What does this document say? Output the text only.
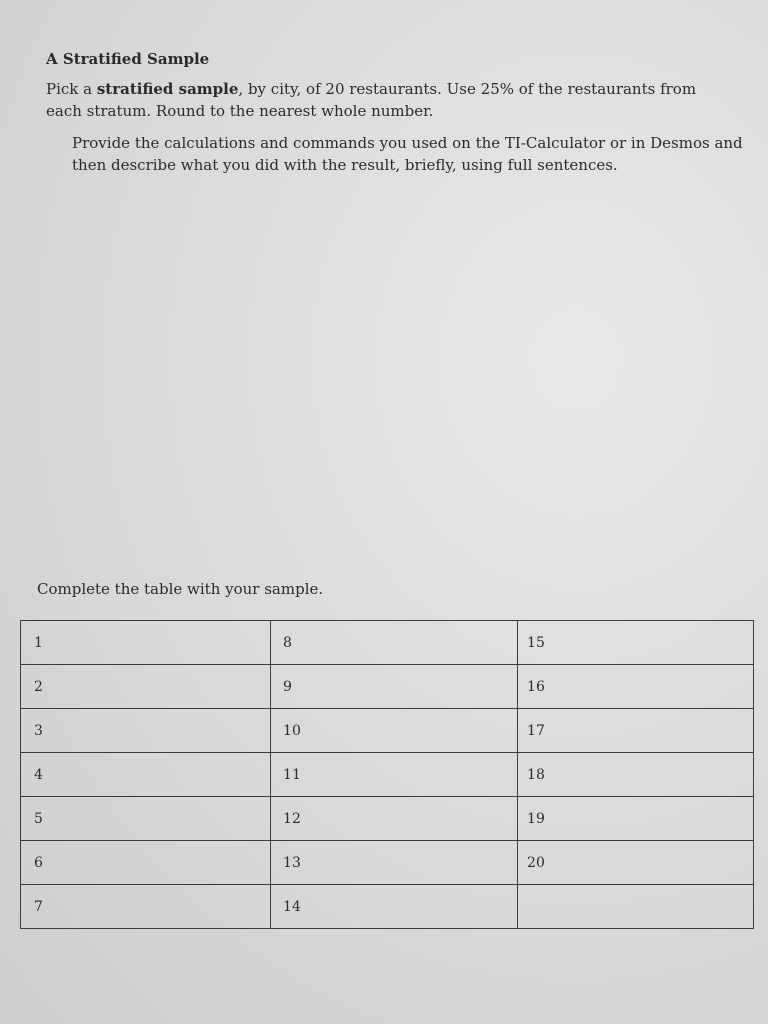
A Stratified Sample
Pick a stratified sample, by city, of 20 restaurants. Use 25% of the restaurants from each stratum. Round to the nearest whole number.
Provide the calculations and commands you used on the TI-Calculator or in Desmos and then describe what you did with the result, briefly, using full sentences.
Complete the table with your sample.
1	8	15
2	9	16
3	10	17
4	11	18
5	12	19
6	13	20
7	14	
